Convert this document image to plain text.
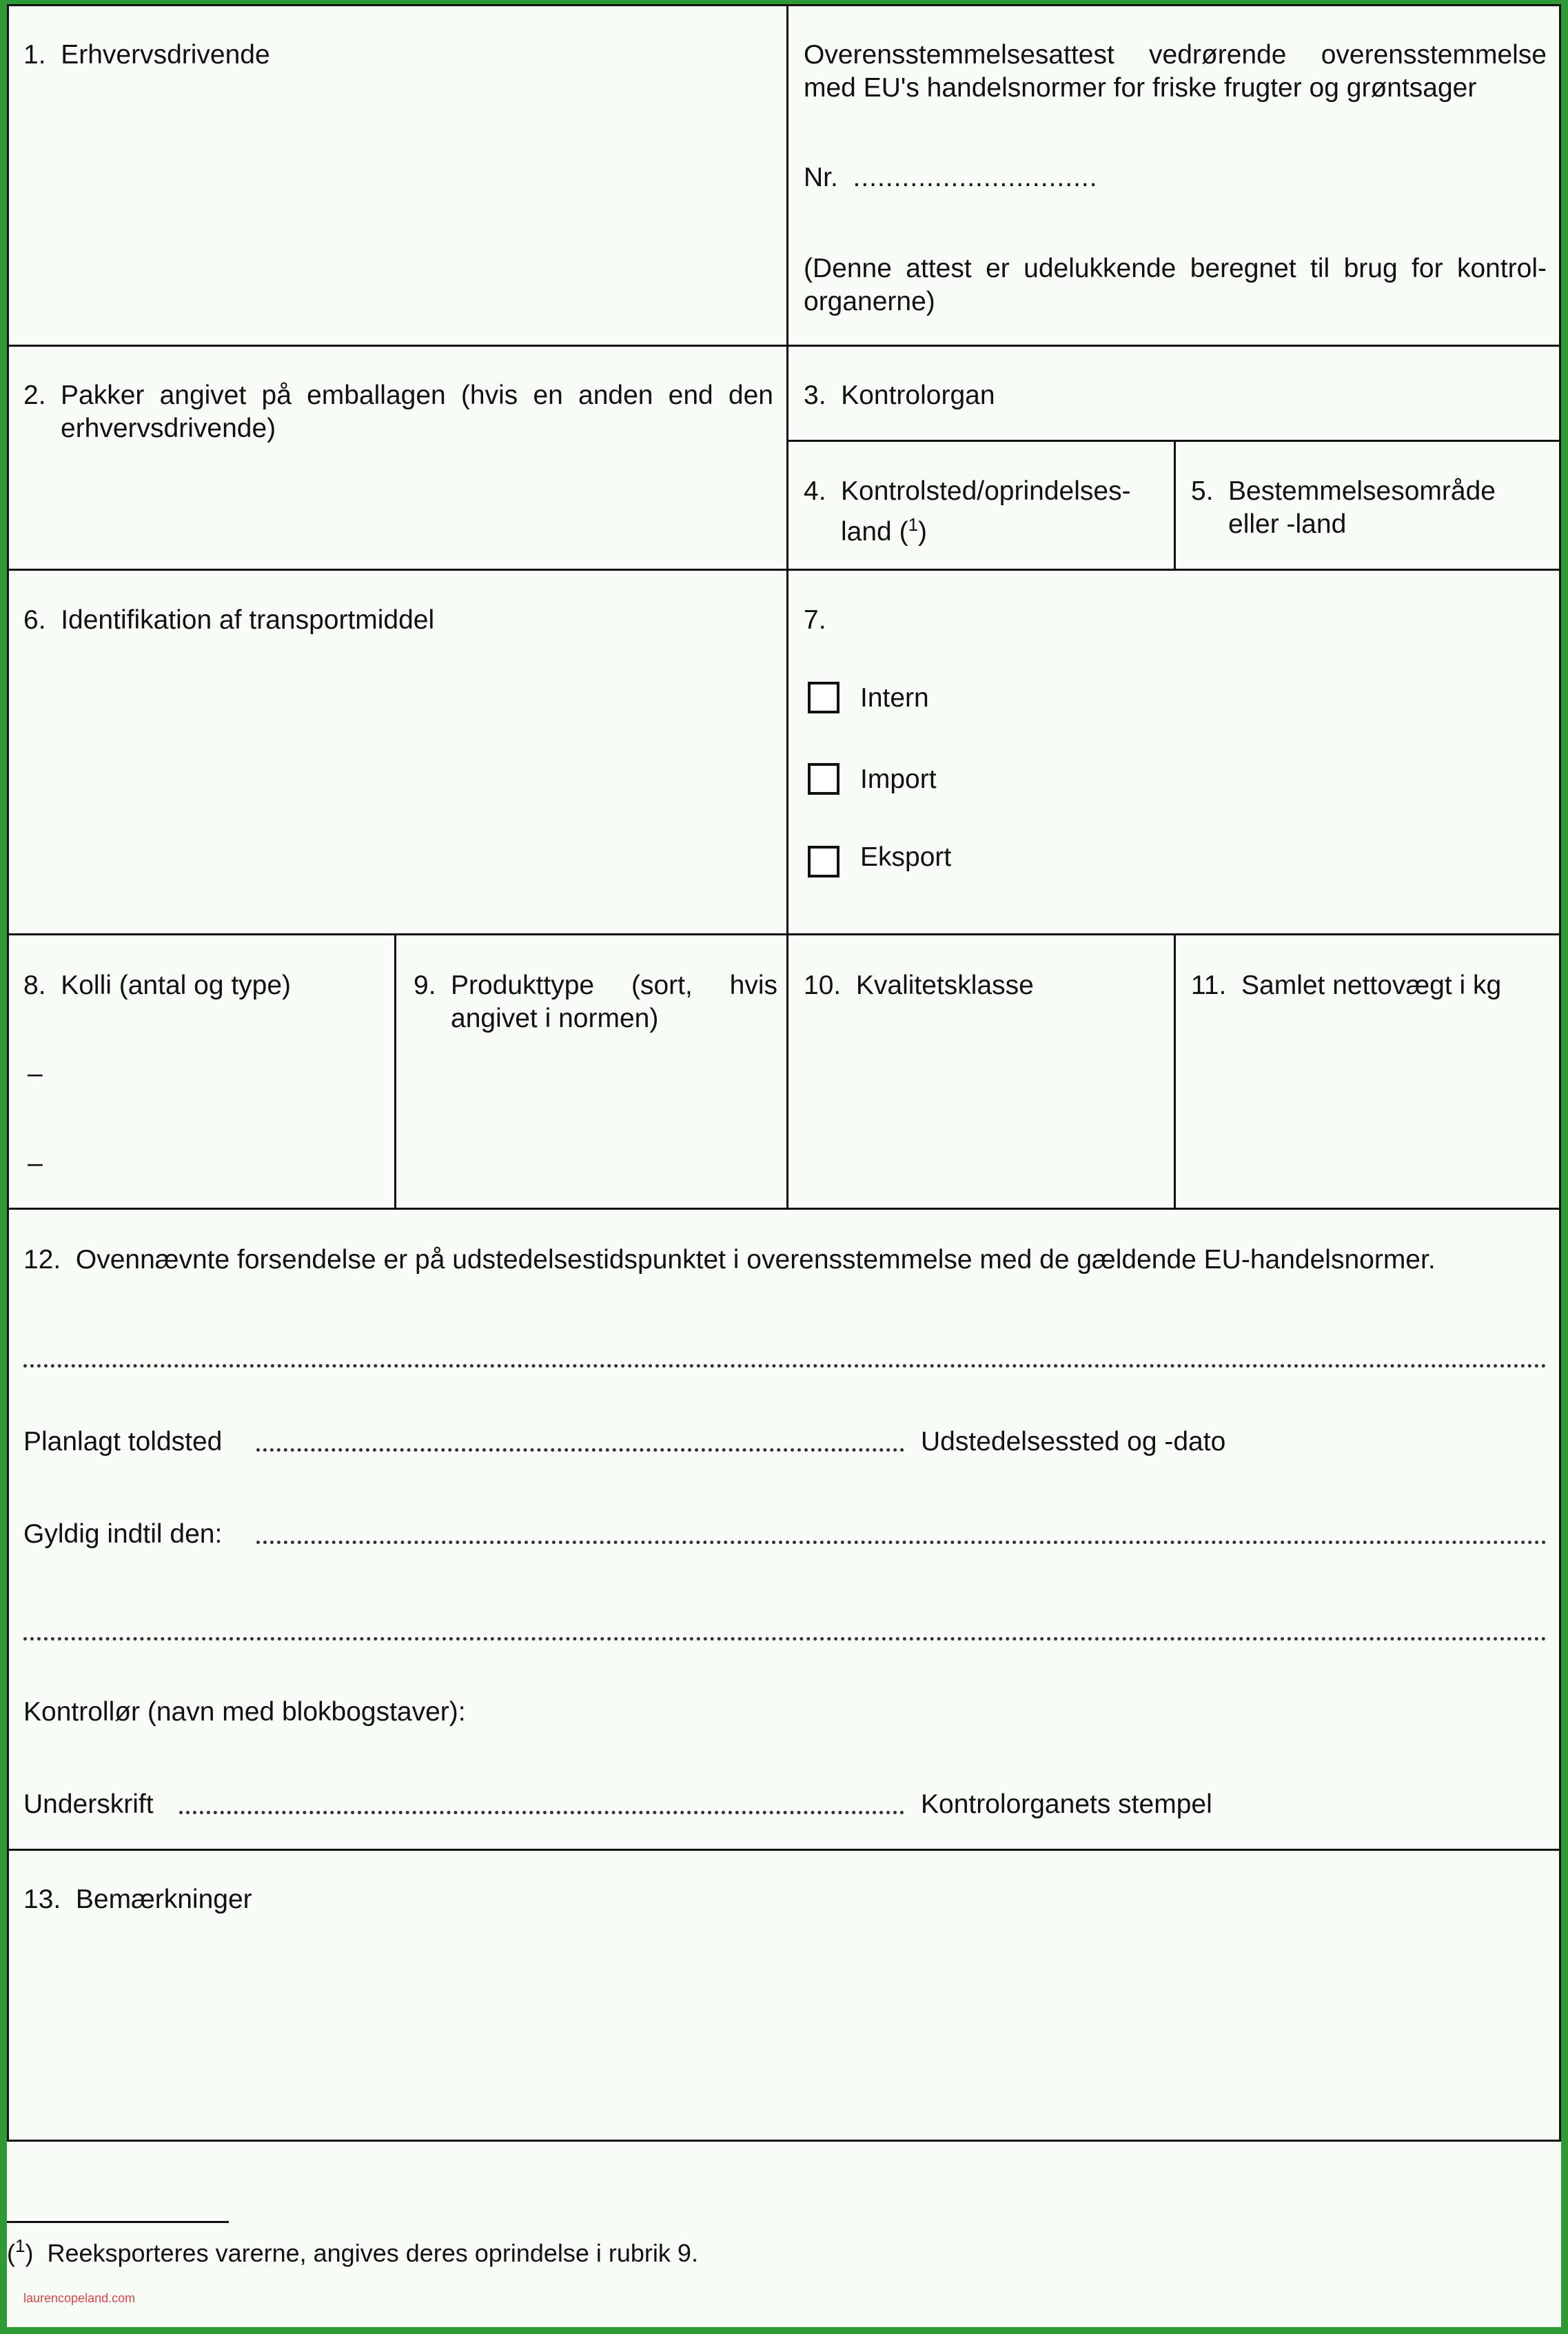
1. Erhvervsdrivende	Overensstemmelsesattest vedrørende overensstemmelse med EU's handelsnormer for friske frugter og grøntsager
Nr. ..............................
(Denne attest er udelukkende beregnet til brug for kontrol-organerne)
2. Pakker angivet på emballagen (hvis en anden end den erhvervsdrivende)
3. Kontrolorgan
4. Kontrolsted/oprindelses-land ($^1$)
5. Bestemmelsesområde eller -land
6. Identifikation af transportmiddel	7.
Intern
Import
Eksport
8. Kolli (antal og type)
–
–
9. Produkttype (sort, hvis angivet i normen)
10. Kvalitetsklasse	11. Samlet nettovægt i kg
12. Ovennævnte forsendelse er på udstedelsestidspunktet i overensstemmelse med de gældende EU-handelsnormer.
Planlagt toldsted	Udstedelsessted og -dato
Gyldig indtil den:
Kontrollør (navn med blokbogstaver):
Underskrift	Kontrolorganets stempel
13. Bemærkninger
($^1$)  Reeksporteres varerne, angives deres oprindelse i rubrik 9.
laurencopeland.com
